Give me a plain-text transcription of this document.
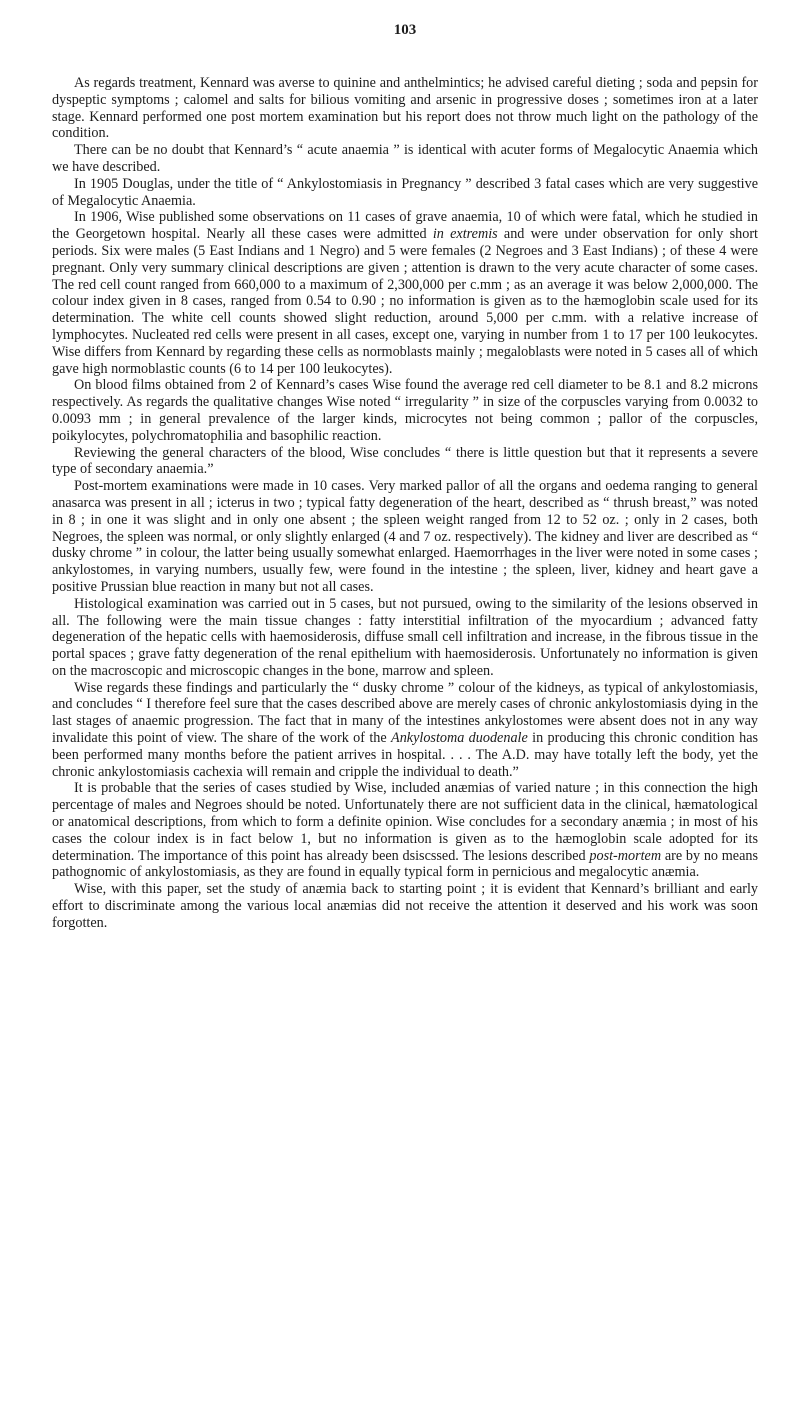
103

As regards treatment, Kennard was averse to quinine and anthelmintics; he advised careful dieting ; soda and pepsin for dyspeptic symptoms ; calomel and salts for bilious vomiting and arsenic in progressive doses ; sometimes iron at a later stage. Kennard performed one post mortem examination but his report does not throw much light on the pathology of the condition.

There can be no doubt that Kennard’s “ acute anaemia ” is identical with acuter forms of Megalocytic Anaemia which we have described.

In 1905 Douglas, under the title of “ Ankylostomiasis in Pregnancy ” described 3 fatal cases which are very suggestive of Megalocytic Anaemia.

In 1906, Wise published some observations on 11 cases of grave anaemia, 10 of which were fatal, which he studied in the Georgetown hospital. Nearly all these cases were admitted in extremis and were under observation for only short periods. Six were males (5 East Indians and 1 Negro) and 5 were females (2 Negroes and 3 East Indians) ; of these 4 were pregnant. Only very summary clinical descriptions are given ; attention is drawn to the very acute character of some cases. The red cell count ranged from 660,000 to a maximum of 2,300,000 per c.mm ; as an average it was below 2,000,000. The colour index given in 8 cases, ranged from 0.54 to 0.90 ; no information is given as to the hæmoglobin scale used for its determination. The white cell counts showed slight reduction, around 5,000 per c.mm. with a relative increase of lymphocytes. Nucleated red cells were present in all cases, except one, varying in number from 1 to 17 per 100 leukocytes. Wise differs from Kennard by regarding these cells as normoblasts mainly ; megaloblasts were noted in 5 cases all of which gave high normoblastic counts (6 to 14 per 100 leukocytes).

On blood films obtained from 2 of Kennard’s cases Wise found the average red cell diameter to be 8.1 and 8.2 microns respectively. As regards the qualitative changes Wise noted “ irregularity ” in size of the corpuscles varying from 0.0032 to 0.0093 mm ; in general prevalence of the larger kinds, microcytes not being common ; pallor of the corpuscles, poikylocytes, polychromatophilia and basophilic reaction.

Reviewing the general characters of the blood, Wise concludes “ there is little question but that it represents a severe type of secondary anaemia.”

Post-mortem examinations were made in 10 cases. Very marked pallor of all the organs and oedema ranging to general anasarca was present in all ; icterus in two ; typical fatty degeneration of the heart, described as “ thrush breast,” was noted in 8 ; in one it was slight and in only one absent ; the spleen weight ranged from 12 to 52 oz. ; only in 2 cases, both Negroes, the spleen was normal, or only slightly enlarged (4 and 7 oz. respectively). The kidney and liver are described as “ dusky chrome ” in colour, the latter being usually somewhat enlarged. Haemorrhages in the liver were noted in some cases ; ankylostomes, in varying numbers, usually few, were found in the intestine ; the spleen, liver, kidney and heart gave a positive Prussian blue reaction in many but not all cases.

Histological examination was carried out in 5 cases, but not pursued, owing to the similarity of the lesions observed in all. The following were the main tissue changes : fatty interstitial infiltration of the myocardium ; advanced fatty degeneration of the hepatic cells with haemosiderosis, diffuse small cell infiltration and increase, in the fibrous tissue in the portal spaces ; grave fatty degeneration of the renal epithelium with haemosiderosis. Unfortunately no information is given on the macroscopic and microscopic changes in the bone, marrow and spleen.

Wise regards these findings and particularly the “ dusky chrome ” colour of the kidneys, as typical of ankylostomiasis, and concludes “ I therefore feel sure that the cases described above are merely cases of chronic ankylostomiasis dying in the last stages of anaemic progression. The fact that in many of the intestines ankylostomes were absent does not in any way invalidate this point of view. The share of the work of the Ankylostoma duodenale in producing this chronic condition has been performed many months before the patient arrives in hospital. . . . The A.D. may have totally left the body, yet the chronic ankylostomiasis cachexia will remain and cripple the individual to death.”

It is probable that the series of cases studied by Wise, included anæmias of varied nature ; in this connection the high percentage of males and Negroes should be noted. Unfortunately there are not sufficient data in the clinical, hæmatological or anatomical descriptions, from which to form a definite opinion. Wise concludes for a secondary anæmia ; in most of his cases the colour index is in fact below 1, but no information is given as to the hæmoglobin scale adopted for its determination. The importance of this point has already been dsiscssed. The lesions described post-mortem are by no means pathognomic of ankylostomiasis, as they are found in equally typical form in pernicious and megalocytic anæmia.

Wise, with this paper, set the study of anæmia back to starting point ; it is evident that Kennard’s brilliant and early effort to discriminate among the various local anæmias did not receive the attention it deserved and his work was soon forgotten.
